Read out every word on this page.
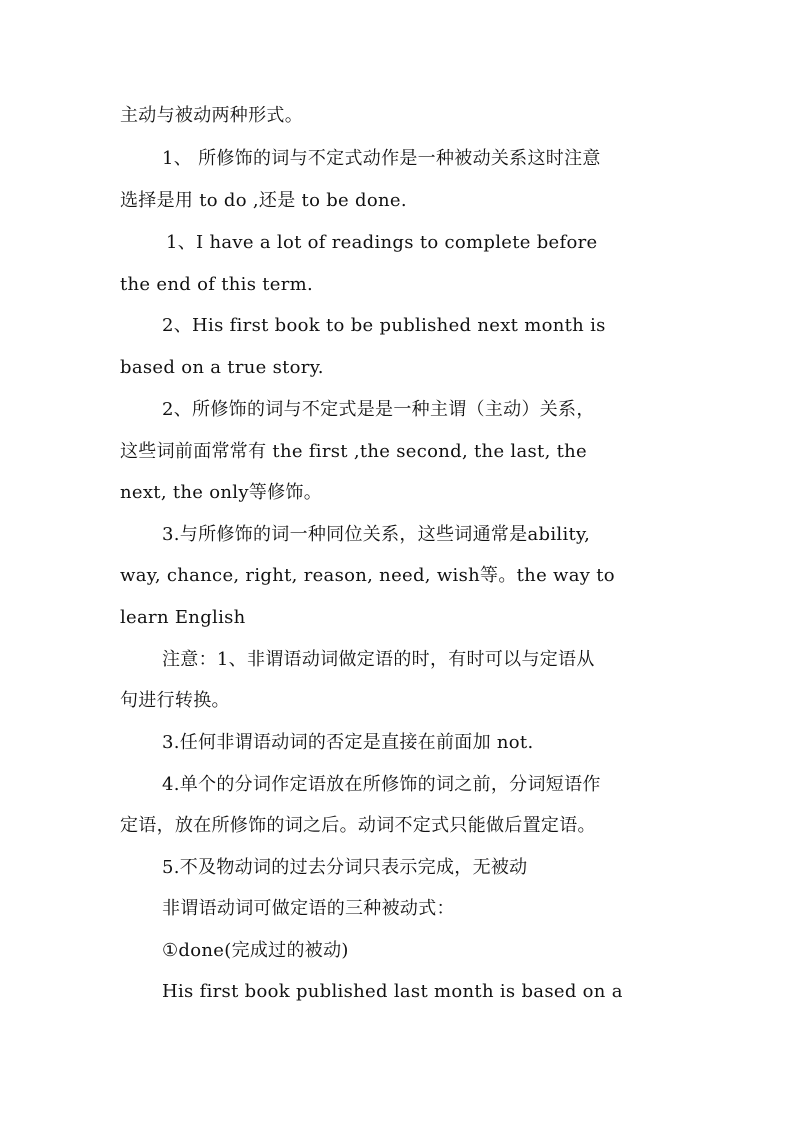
主动与被动两种形式。
1、 所修饰的词与不定式动作是一种被动关系这时注意
选择是用 to do ,还是 to be done.
1、I have a lot of readings to complete before
the end of this term.
2、His first book to be published next month is
based on a true story.
2、所修饰的词与不定式是是一种主谓（主动）关系，
这些词前面常常有 the first ,the second, the last, the
next, the only等修饰。
3.与所修饰的词一种同位关系，这些词通常是ability,
way, chance, right, reason, need, wish等。the way to
learn English
注意：1、非谓语动词做定语的时，有时可以与定语从
句进行转换。
3.任何非谓语动词的否定是直接在前面加 not.
4.单个的分词作定语放在所修饰的词之前，分词短语作
定语，放在所修饰的词之后。动词不定式只能做后置定语。
5.不及物动词的过去分词只表示完成，无被动
非谓语动词可做定语的三种被动式：
①done(完成过的被动)
His first book published last month is based on a
